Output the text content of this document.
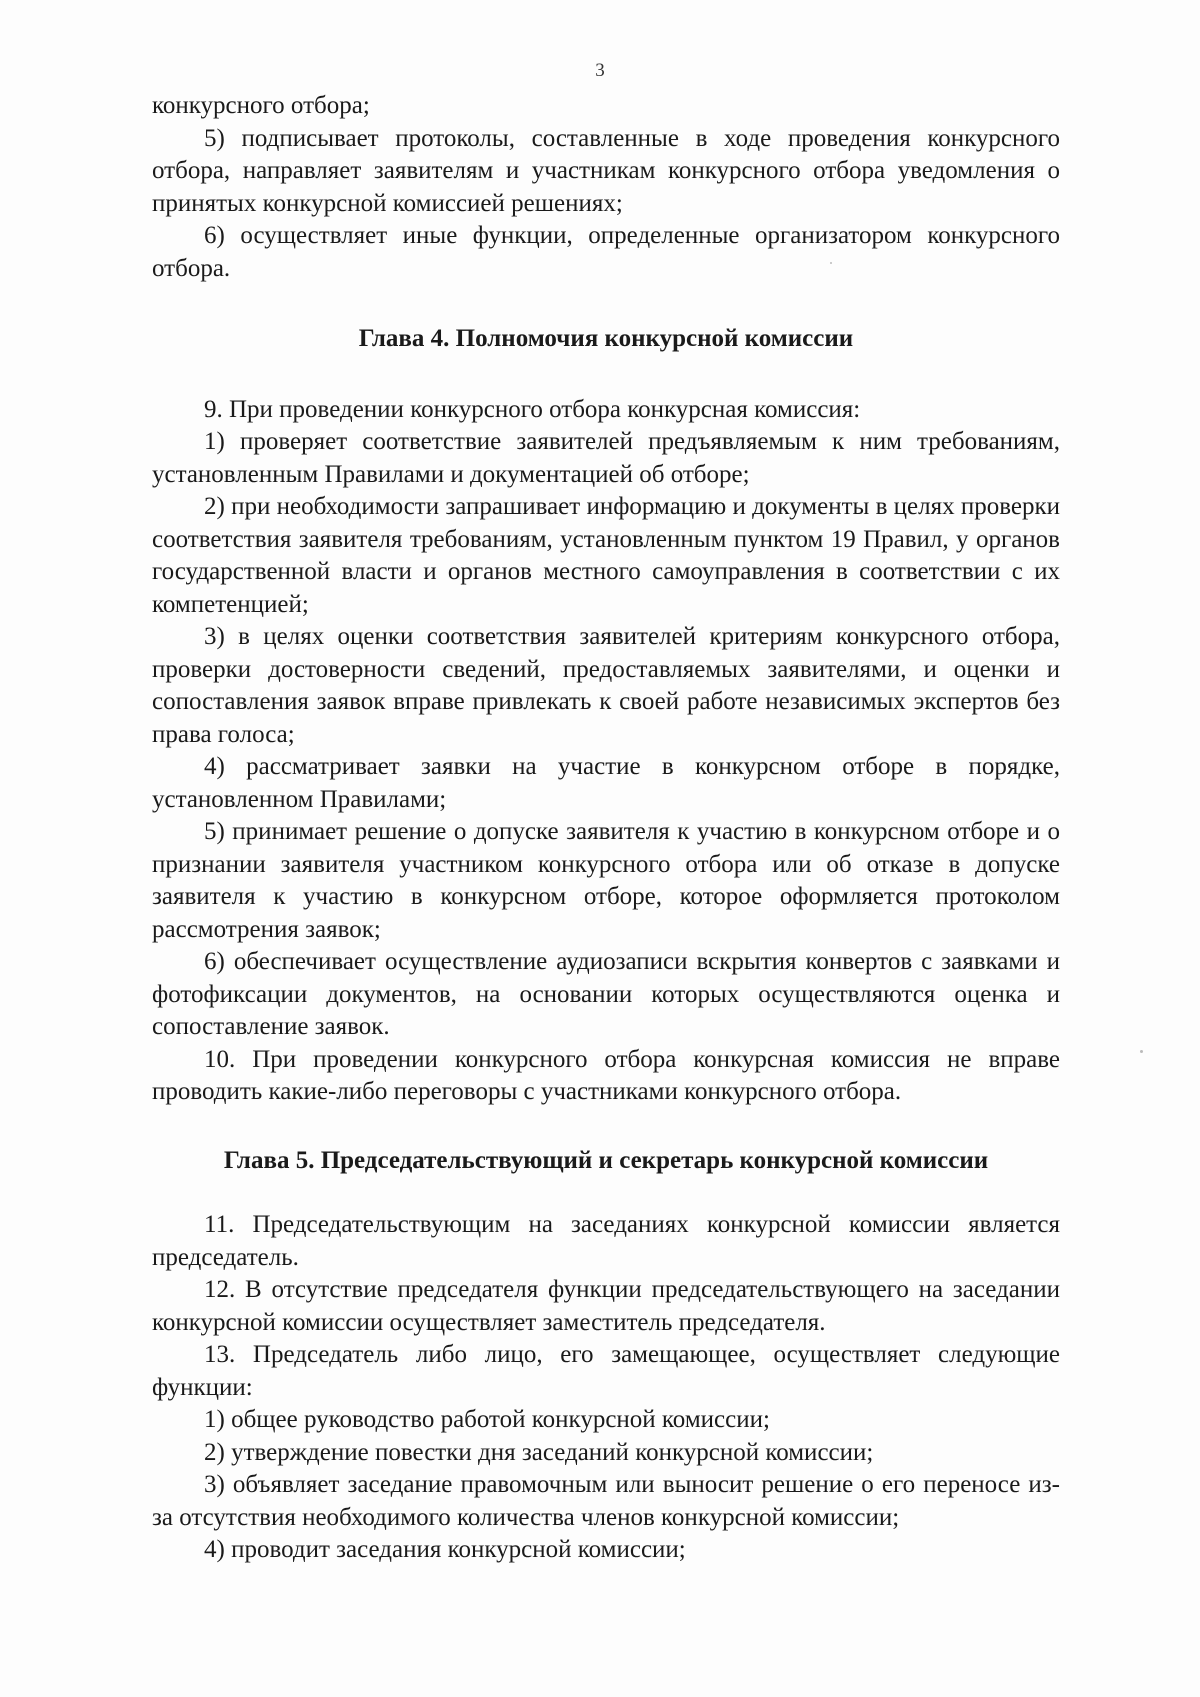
3

конкурсного отбора;

5) подписывает протоколы, составленные в ходе проведения конкурсного отбора, направляет заявителям и участникам конкурсного отбора уведомления о принятых конкурсной комиссией решениях;

6) осуществляет иные функции, определенные организатором конкурсного отбора.

Глава 4. Полномочия конкурсной комиссии

9. При проведении конкурсного отбора конкурсная комиссия:

1) проверяет соответствие заявителей предъявляемым к ним требованиям, установленным Правилами и документацией об отборе;

2) при необходимости запрашивает информацию и документы в целях проверки соответствия заявителя требованиям, установленным пунктом 19 Правил, у органов государственной власти и органов местного самоуправления в соответствии с их компетенцией;

3) в целях оценки соответствия заявителей критериям конкурсного отбора, проверки достоверности сведений, предоставляемых заявителями, и оценки и сопоставления заявок вправе привлекать к своей работе независимых экспертов без права голоса;

4) рассматривает заявки на участие в конкурсном отборе в порядке, установленном Правилами;

5) принимает решение о допуске заявителя к участию в конкурсном отборе и о признании заявителя участником конкурсного отбора или об отказе в допуске заявителя к участию в конкурсном отборе, которое оформляется протоколом рассмотрения заявок;

6) обеспечивает осуществление аудиозаписи вскрытия конвертов с заявками и фотофиксации документов, на основании которых осуществляются оценка и сопоставление заявок.

10. При проведении конкурсного отбора конкурсная комиссия не вправе проводить какие-либо переговоры с участниками конкурсного отбора.

Глава 5. Председательствующий и секретарь конкурсной комиссии

11. Председательствующим на заседаниях конкурсной комиссии является председатель.

12. В отсутствие председателя функции председательствующего на заседании конкурсной комиссии осуществляет заместитель председателя.

13. Председатель либо лицо, его замещающее, осуществляет следующие функции:

1) общее руководство работой конкурсной комиссии;

2) утверждение повестки дня заседаний конкурсной комиссии;

3) объявляет заседание правомочным или выносит решение о его переносе из-за отсутствия необходимого количества членов конкурсной комиссии;

4) проводит заседания конкурсной комиссии;
